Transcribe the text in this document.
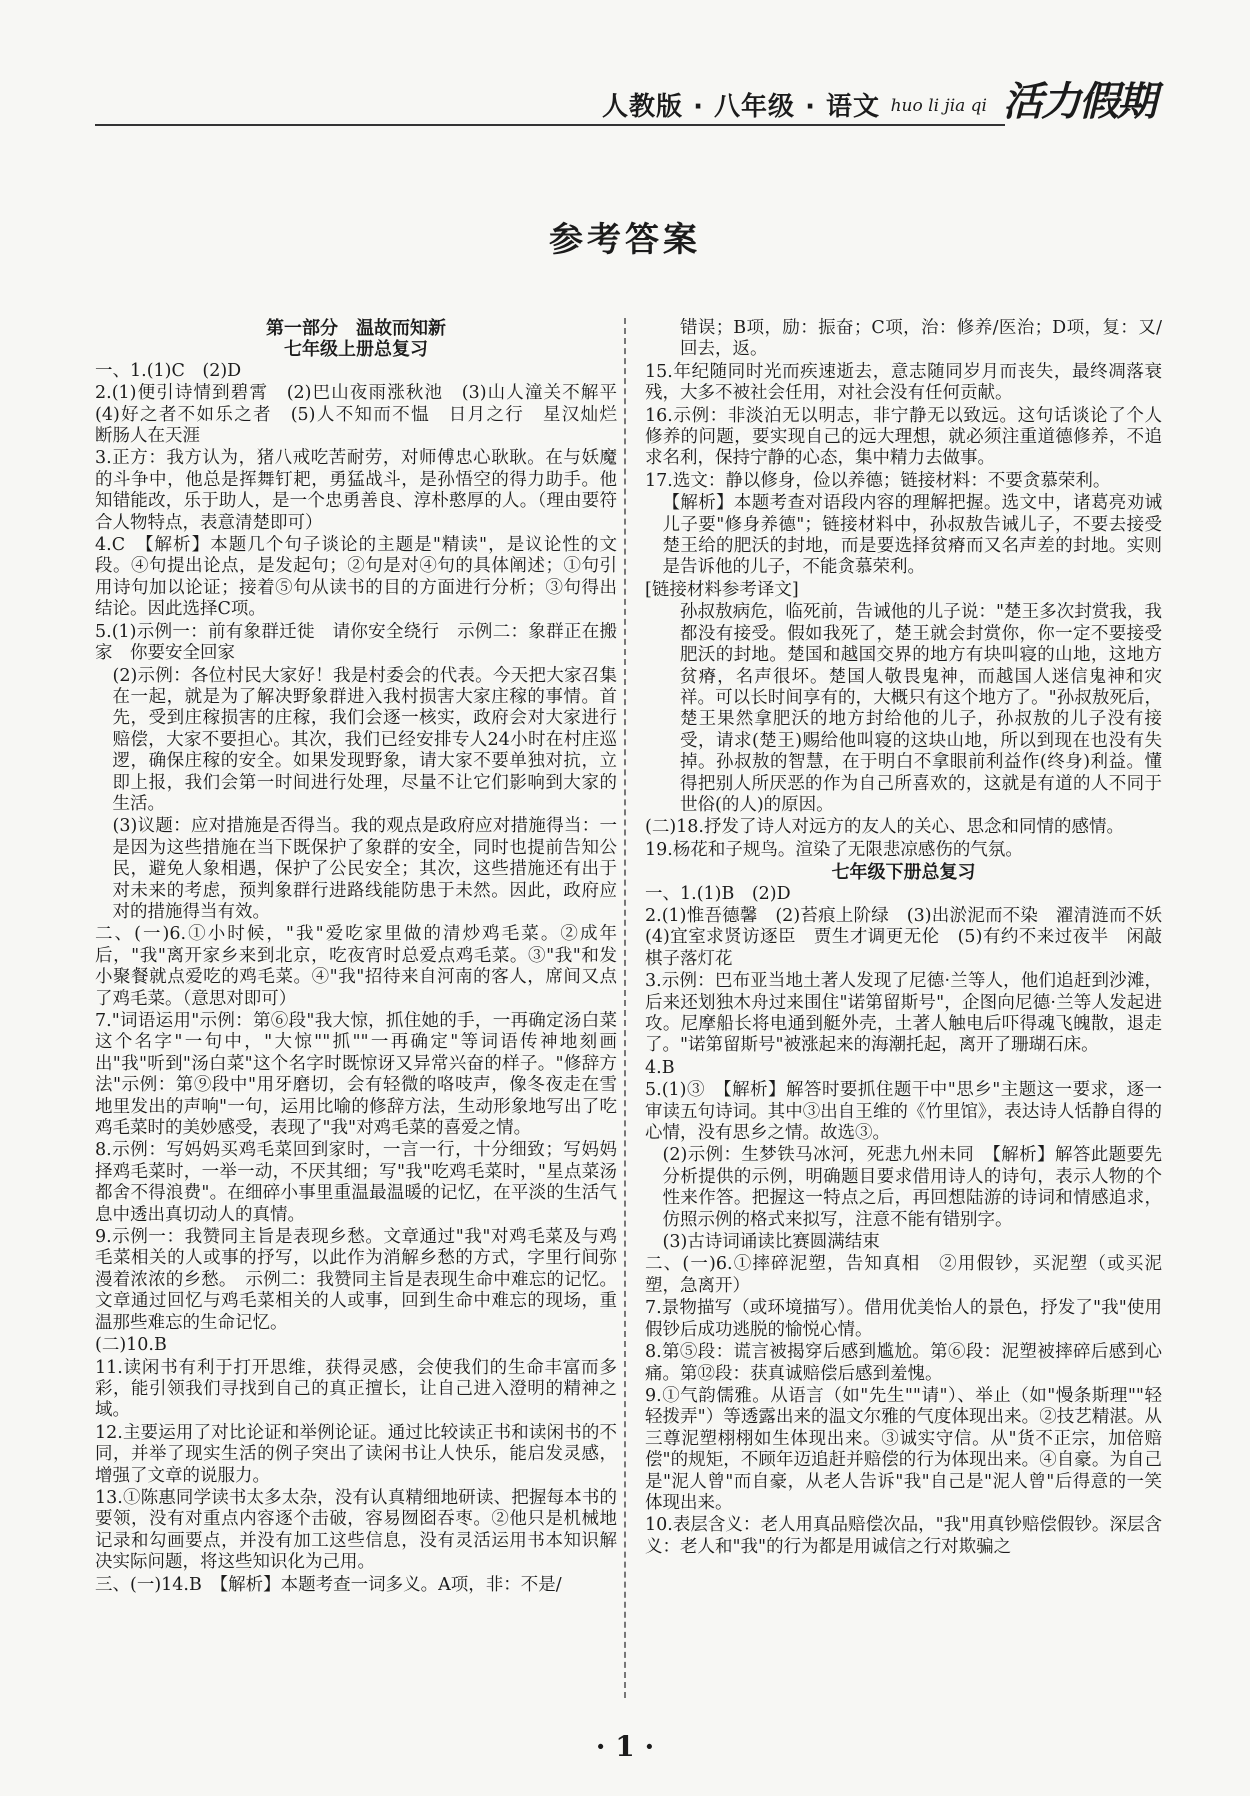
人教版 · 八年级 · 语文 huo li jia qi 活力假期
参考答案

第一部分　温故而知新

七年级上册总复习

一、1.(1)C　(2)D

2.(1)便引诗情到碧霄　(2)巴山夜雨涨秋池　(3)山人潼关不解平　(4)好之者不如乐之者　(5)人不知而不愠　日月之行　星汉灿烂　断肠人在天涯

3.正方：我方认为，猪八戒吃苦耐劳，对师傅忠心耿耿。在与妖魔的斗争中，他总是挥舞钉耙，勇猛战斗，是孙悟空的得力助手。他知错能改，乐于助人，是一个忠勇善良、淳朴憨厚的人。（理由要符合人物特点，表意清楚即可）

4.C　【解析】本题几个句子谈论的主题是"精读"，是议论性的文段。④句提出论点，是发起句；②句是对④句的具体阐述；①句引用诗句加以论证；接着⑤句从读书的目的方面进行分析；③句得出结论。因此选择C项。

5.(1)示例一：前有象群迁徙　请你安全绕行　示例二：象群正在搬家　你要安全回家

(2)示例：各位村民大家好！我是村委会的代表。今天把大家召集在一起，就是为了解决野象群进入我村损害大家庄稼的事情。首先，受到庄稼损害的庄稼，我们会逐一核实，政府会对大家进行赔偿，大家不要担心。其次，我们已经安排专人24小时在村庄巡逻，确保庄稼的安全。如果发现野象，请大家不要单独对抗，立即上报，我们会第一时间进行处理，尽量不让它们影响到大家的生活。

(3)议题：应对措施是否得当。我的观点是政府应对措施得当：一是因为这些措施在当下既保护了象群的安全，同时也提前告知公民，避免人象相遇，保护了公民安全；其次，这些措施还有出于对未来的考虑，预判象群行进路线能防患于未然。因此，政府应对的措施得当有效。

二、(一)6.①小时候，"我"爱吃家里做的清炒鸡毛菜。②成年后，"我"离开家乡来到北京，吃夜宵时总爱点鸡毛菜。③"我"和发小聚餐就点爱吃的鸡毛菜。④"我"招待来自河南的客人，席间又点了鸡毛菜。（意思对即可）

7."词语运用"示例：第⑥段"我大惊，抓住她的手，一再确定汤白菜这个名字"一句中，"大惊""抓""一再确定"等词语传神地刻画出"我"听到"汤白菜"这个名字时既惊讶又异常兴奋的样子。"修辞方法"示例：第⑨段中"用牙磨切，会有轻微的咯吱声，像冬夜走在雪地里发出的声响"一句，运用比喻的修辞方法，生动形象地写出了吃鸡毛菜时的美妙感受，表现了"我"对鸡毛菜的喜爱之情。

8.示例：写妈妈买鸡毛菜回到家时，一言一行，十分细致；写妈妈择鸡毛菜时，一举一动，不厌其细；写"我"吃鸡毛菜时，"星点菜汤都舍不得浪费"。在细碎小事里重温最温暖的记忆，在平淡的生活气息中透出真切动人的真情。

9.示例一：我赞同主旨是表现乡愁。文章通过"我"对鸡毛菜及与鸡毛菜相关的人或事的抒写，以此作为消解乡愁的方式，字里行间弥漫着浓浓的乡愁。　示例二：我赞同主旨是表现生命中难忘的记忆。文章通过回忆与鸡毛菜相关的人或事，回到生命中难忘的现场，重温那些难忘的生命记忆。

(二)10.B

11.读闲书有利于打开思维，获得灵感，会使我们的生命丰富而多彩，能引领我们寻找到自己的真正擅长，让自己进入澄明的精神之域。

12.主要运用了对比论证和举例论证。通过比较读正书和读闲书的不同，并举了现实生活的例子突出了读闲书让人快乐，能启发灵感，增强了文章的说服力。

13.①陈惠同学读书太多太杂，没有认真精细地研读、把握每本书的要领，没有对重点内容逐个击破，容易囫囵吞枣。②他只是机械地记录和勾画要点，并没有加工这些信息，没有灵活运用书本知识解决实际问题，将这些知识化为己用。

三、(一)14.B　【解析】本题考查一词多义。A项，非：不是/

错误；B项，励：振奋；C项，治：修养/医治；D项，复：又/回去，返。

15.年纪随同时光而疾速逝去，意志随同岁月而丧失，最终凋落衰残，大多不被社会任用，对社会没有任何贡献。

16.示例：非淡泊无以明志，非宁静无以致远。这句话谈论了个人修养的问题，要实现自己的远大理想，就必须注重道德修养，不追求名利，保持宁静的心态，集中精力去做事。

17.选文：静以修身，俭以养德；链接材料：不要贪慕荣利。

【解析】本题考查对语段内容的理解把握。选文中，诸葛亮劝诫儿子要"修身养德"；链接材料中，孙叔敖告诫儿子，不要去接受楚王给的肥沃的封地，而是要选择贫瘠而又名声差的封地。实则是告诉他的儿子，不能贪慕荣利。

[链接材料参考译文]

孙叔敖病危，临死前，告诫他的儿子说："楚王多次封赏我，我都没有接受。假如我死了，楚王就会封赏你，你一定不要接受肥沃的封地。楚国和越国交界的地方有块叫寝的山地，这地方贫瘠，名声很坏。楚国人敬畏鬼神，而越国人迷信鬼神和灾祥。可以长时间享有的，大概只有这个地方了。"孙叔敖死后，楚王果然拿肥沃的地方封给他的儿子，孙叔敖的儿子没有接受，请求(楚王)赐给他叫寝的这块山地，所以到现在也没有失掉。孙叔敖的智慧，在于明白不拿眼前利益作(终身)利益。懂得把别人所厌恶的作为自己所喜欢的，这就是有道的人不同于世俗(的人)的原因。

(二)18.抒发了诗人对远方的友人的关心、思念和同情的感情。

19.杨花和子规鸟。渲染了无限悲凉感伤的气氛。

七年级下册总复习

一、1.(1)B　(2)D

2.(1)惟吾德馨　(2)苔痕上阶绿　(3)出淤泥而不染　濯清涟而不妖　(4)宜室求贤访逐臣　贾生才调更无伦　(5)有约不来过夜半　闲敲棋子落灯花

3.示例：巴布亚当地土著人发现了尼德·兰等人，他们追赶到沙滩，后来还划独木舟过来围住"诺第留斯号"，企图向尼德·兰等人发起进攻。尼摩船长将电通到艇外壳，土著人触电后吓得魂飞魄散，退走了。"诺第留斯号"被涨起来的海潮托起，离开了珊瑚石床。

4.B

5.(1)③　【解析】解答时要抓住题干中"思乡"主题这一要求，逐一审读五句诗词。其中③出自王维的《竹里馆》，表达诗人恬静自得的心情，没有思乡之情。故选③。

(2)示例：生梦铁马冰河，死悲九州未同　【解析】解答此题要先分析提供的示例，明确题目要求借用诗人的诗句，表示人物的个性来作答。把握这一特点之后，再回想陆游的诗词和情感追求，仿照示例的格式来拟写，注意不能有错别字。

(3)古诗词诵读比赛圆满结束

二、(一)6.①摔碎泥塑，告知真相　②用假钞，买泥塑（或买泥塑，急离开）

7.景物描写（或环境描写）。借用优美怡人的景色，抒发了"我"使用假钞后成功逃脱的愉悦心情。

8.第⑤段：谎言被揭穿后感到尴尬。第⑥段：泥塑被摔碎后感到心痛。第⑫段：获真诚赔偿后感到羞愧。

9.①气韵儒雅。从语言（如"先生""请"）、举止（如"慢条斯理""轻轻拨弄"）等透露出来的温文尔雅的气度体现出来。②技艺精湛。从三尊泥塑栩栩如生体现出来。③诚实守信。从"货不正宗，加倍赔偿"的规矩，不顾年迈追赶并赔偿的行为体现出来。④自豪。为自己是"泥人曾"而自豪，从老人告诉"我"自己是"泥人曾"后得意的一笑体现出来。

10.表层含义：老人用真品赔偿次品，"我"用真钞赔偿假钞。深层含义：老人和"我"的行为都是用诚信之行对欺骗之

· 1 ·
